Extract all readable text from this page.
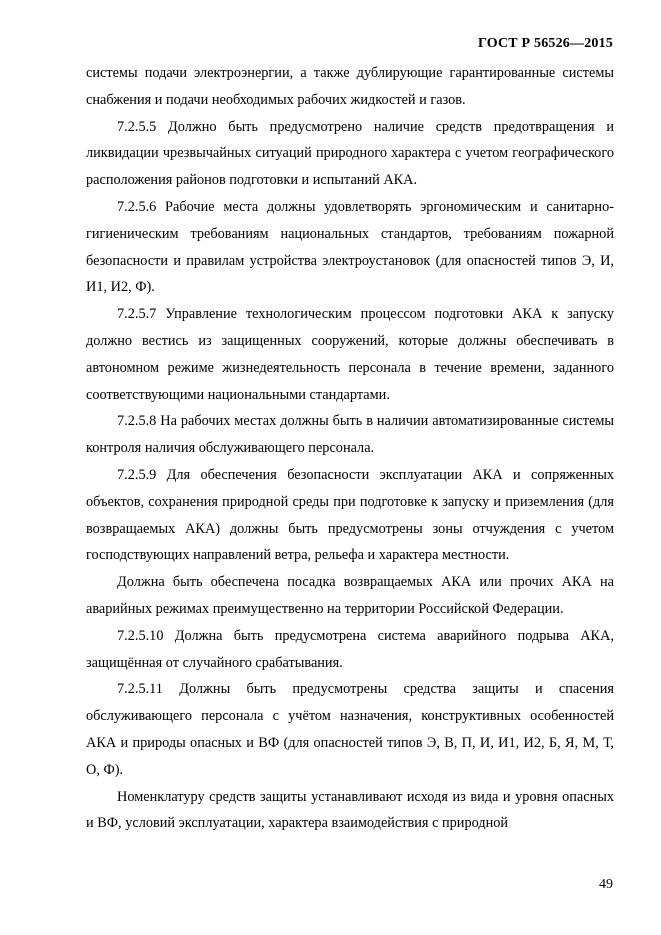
ГОСТ Р 56526—2015

системы подачи электроэнергии, а также дублирующие гарантированные системы снабжения и подачи необходимых рабочих жидкостей и газов.

7.2.5.5 Должно быть предусмотрено наличие средств предотвращения и ликвидации чрезвычайных ситуаций природного характера с учетом географического расположения районов подготовки и испытаний АКА.

7.2.5.6 Рабочие места должны удовлетворять эргономическим и санитарно-гигиеническим требованиям национальных стандартов, требованиям пожарной безопасности и правилам устройства электроустановок (для опасностей типов Э, И, И1, И2, Ф).

7.2.5.7 Управление технологическим процессом подготовки АКА к запуску должно вестись из защищенных сооружений, которые должны обеспечивать в автономном режиме жизнедеятельность персонала в течение времени, заданного соответствующими национальными стандартами.

7.2.5.8 На рабочих местах должны быть в наличии автоматизированные системы контроля наличия обслуживающего персонала.

7.2.5.9 Для обеспечения безопасности эксплуатации АКА и сопряженных объектов, сохранения природной среды при подготовке к запуску и приземления (для возвращаемых АКА) должны быть предусмотрены зоны отчуждения с учетом господствующих направлений ветра, рельефа и характера местности.

Должна быть обеспечена посадка возвращаемых АКА или прочих АКА на аварийных режимах преимущественно на территории Российской Федерации.

7.2.5.10 Должна быть предусмотрена система аварийного подрыва АКА, защищённая от случайного срабатывания.

7.2.5.11 Должны быть предусмотрены средства защиты и спасения обслуживающего персонала с учётом назначения, конструктивных особенностей АКА и природы опасных и ВФ (для опасностей типов Э, В, П, И, И1, И2, Б, Я, М, Т, О, Ф).

Номенклатуру средств защиты устанавливают исходя из вида и уровня опасных и ВФ, условий эксплуатации, характера взаимодействия с природной

49
